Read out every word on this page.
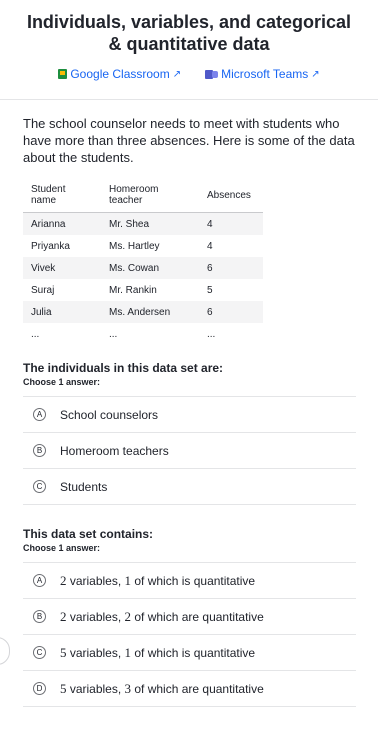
Individuals, variables, and categorical & quantitative data
Google Classroom ↗	Microsoft Teams ↗
The school counselor needs to meet with students who have more than three absences. Here is some of the data about the students.
Student name	Homeroom teacher	Absences
Arianna	Mr. Shea	4
Priyanka	Ms. Hartley	4
Vivek	Ms. Cowan	6
Suraj	Mr. Rankin	5
Julia	Ms. Andersen	6
...	...	...
The individuals in this data set are:
Choose 1 answer:
A	School counselors
B	Homeroom teachers
C	Students
This data set contains:
Choose 1 answer:
A 2 variables, 1 of which is quantitative
B 2 variables, 2 of which are quantitative
C 5 variables, 1 of which is quantitative
D 5 variables, 3 of which are quantitative
